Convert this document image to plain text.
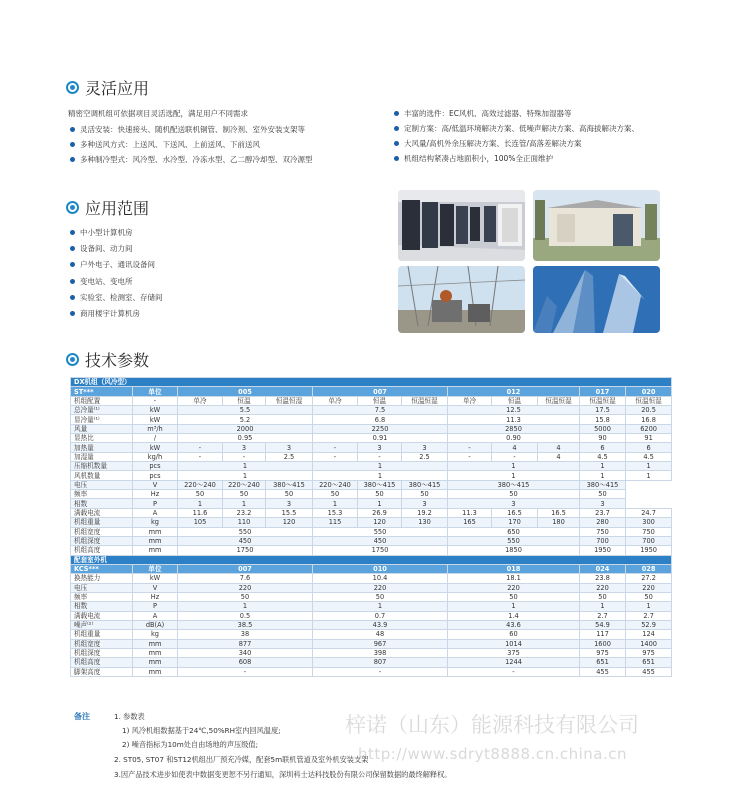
灵活应用
精密空调机组可依据项目灵活选配，满足用户不同需求
灵活安装：快速接头、随机配送联机铜管、制冷剂、室外安装支架等
多种送风方式：上送风、下送风、上前送风、下前送风
多种制冷型式：风冷型、水冷型、冷冻水型、乙二醇冷却型、双冷源型
丰富的选件：EC风机、高效过滤器、特殊加湿器等
定制方案：高/低温环境解决方案、低噪声解决方案、高海拔解决方案、
大风量/高机外余压解决方案、长连管/高落差解决方案
机组结构紧凑占地面积小，100%全正面维护
应用范围
中小型计算机房
设备间、动力间
户外电子、通讯设备间
变电站、变电所
实验室、检测室、存储间
商用楼宇计算机房
技术参数
DX机组（风冷型）												
ST***	单位	005			007			012			017	020
机组配置	-	单冷	恒温	恒温恒湿	单冷	恒温	恒温恒湿	单冷	恒温	恒温恒湿	恒温恒湿	恒温恒湿
总冷量⁽¹⁾	kW	5.5			7.5			12.5			17.5	20.5
显冷量⁽¹⁾	kW	5.2			6.8			11.3			15.8	16.8
风量	m³/h	2000			2250			2850			5000	6200
显热比	/	0.95			0.91			0.90			90	91
加热量	kW	-	3	3	-	3	3	-	4	4	6	6
加湿量	kg/h	-	-	2.5	-	-	2.5	-	-	4	4.5	4.5
压缩机数量	pcs	1			1			1			1	1
风机数量	pcs	1			1			1			1	1
电压	V	220～240	220～240	380～415	220～240	380～415	380～415	380～415			380～415	
频率	Hz	50	50	50	50	50	50	50			50	
相数	P	1	1	3	1	1	3	3			3	
满载电流	A	11.6	23.2	15.5	15.3	26.9	19.2	11.3	16.5	16.5	23.7	24.7
机组重量	kg	105	110	120	115	120	130	165	170	180	280	300
机组宽度	mm	550			550			650			750	750
机组深度	mm	450			450			550			700	700
机组高度	mm	1750			1750			1850			1950	1950
配套室外机												
KCS***	单位	007			010			018			024	028
换热能力	kW	7.6			10.4			18.1			23.8	27.2
电压	V	220			220			220			220	220
频率	Hz	50			50			50			50	50
相数	P	1			1			1			1	1
满载电流	A	0.5			0.7			1.4			2.7	2.7
噪声⁽²⁾	dB(A)	38.5			43.9			43.6			54.9	52.9
机组重量	kg	38			48			60			117	124
机组宽度	mm	877			967			1014			1600	1400
机组深度	mm	340			398			375			975	975
机组高度	mm	608			807			1244			651	651
脚架高度	mm	-			-			-			455	455
备注	1. 参数表
1) 风冷机组数据基于24℃,50%RH室内回风温度;
2) 噪音指标为10m处自由场地的声压级值;
2. ST05, ST07 和ST12机组出厂预充冷媒，配套5m联机管道及室外机安装支架
3.因产品技术进步如使表中数据变更恕不另行通知，深圳科士达科技股份有限公司保留数据的最终解释权。
梓诺（山东）能源科技有限公司
http://www.sdryt8888.cn.china.cn
